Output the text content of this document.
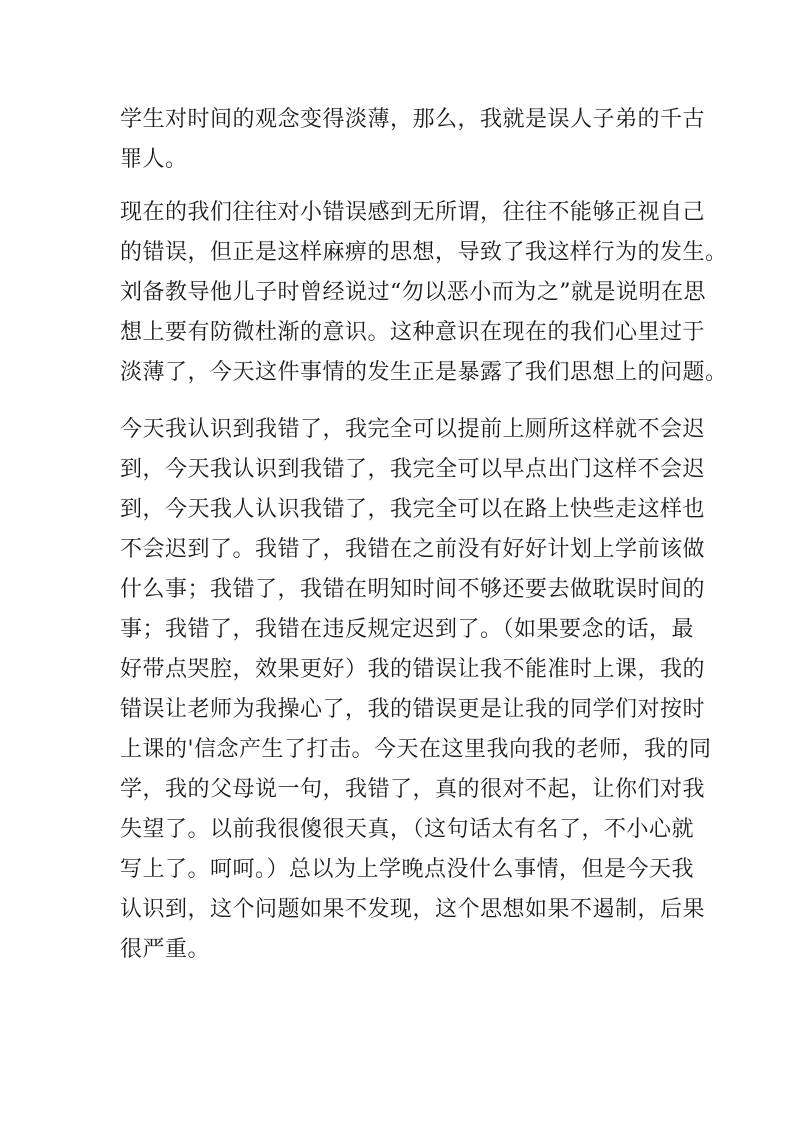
学生对时间的观念变得淡薄，那么，我就是误人子弟的千古
罪人。
现在的我们往往对小错误感到无所谓，往往不能够正视自己
的错误，但正是这样麻痹的思想，导致了我这样行为的发生。
刘备教导他儿子时曾经说过“勿以恶小而为之”就是说明在思
想上要有防微杜渐的意识。这种意识在现在的我们心里过于
淡薄了，今天这件事情的发生正是暴露了我们思想上的问题。
今天我认识到我错了，我完全可以提前上厕所这样就不会迟
到，今天我认识到我错了，我完全可以早点出门这样不会迟
到，今天我人认识我错了，我完全可以在路上快些走这样也
不会迟到了。我错了，我错在之前没有好好计划上学前该做
什么事；我错了，我错在明知时间不够还要去做耽误时间的
事；我错了，我错在违反规定迟到了。（如果要念的话，最
好带点哭腔，效果更好）我的错误让我不能准时上课，我的
错误让老师为我操心了，我的错误更是让我的同学们对按时
上课的'信念产生了打击。今天在这里我向我的老师，我的同
学，我的父母说一句，我错了，真的很对不起，让你们对我
失望了。以前我很傻很天真，（这句话太有名了，不小心就
写上了。呵呵。）总以为上学晚点没什么事情，但是今天我
认识到，这个问题如果不发现，这个思想如果不遏制，后果
很严重。
